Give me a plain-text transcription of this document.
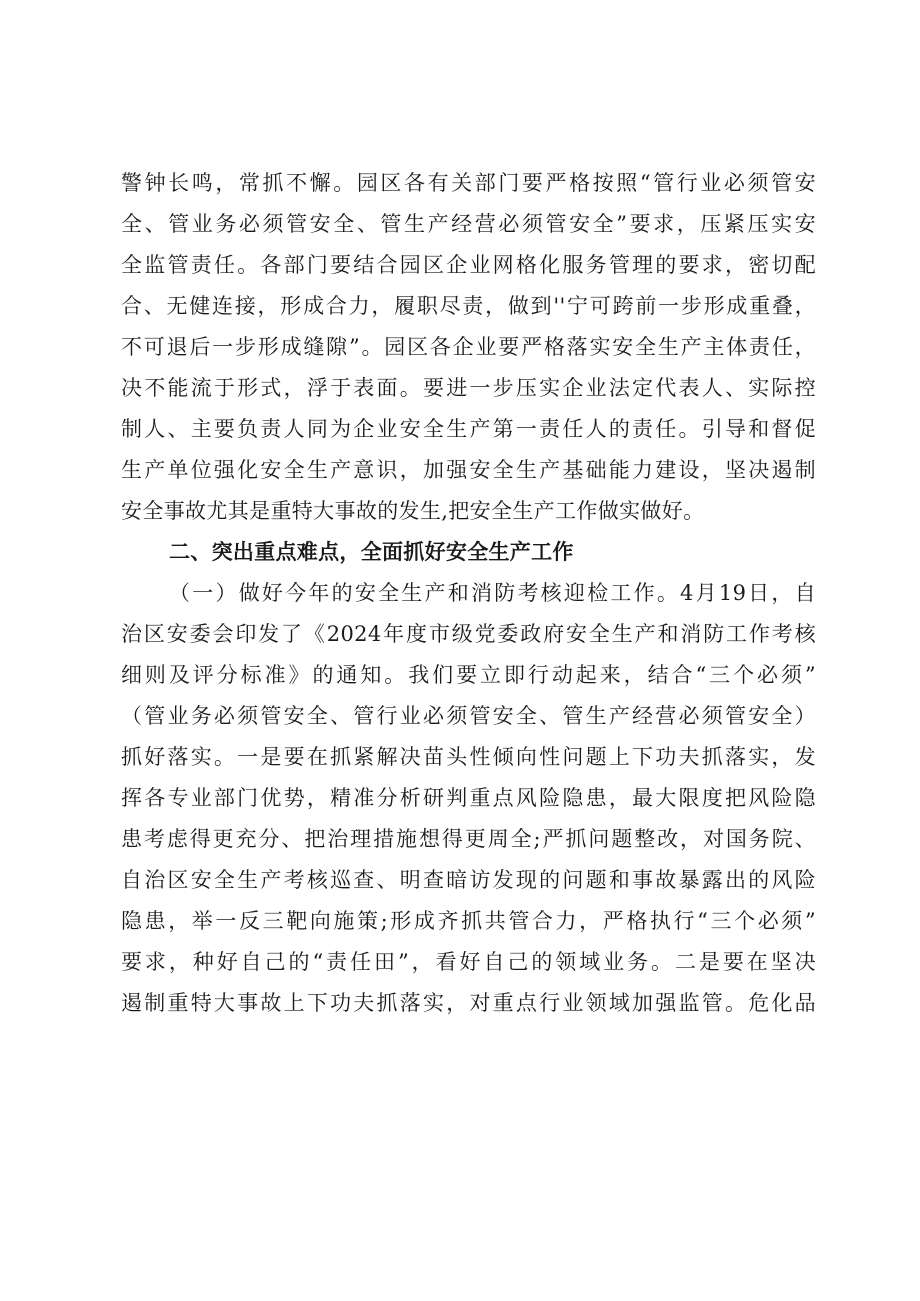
警钟长鸣，常抓不懈。园区各有关部门要严格按照“管行业必须管安
全、管业务必须管安全、管生产经营必须管安全”要求，压紧压实安
全监管责任。各部门要结合园区企业网格化服务管理的要求，密切配
合、无健连接，形成合力，履职尽责，做到''宁可跨前一步形成重叠，
不可退后一步形成缝隙”。园区各企业要严格落实安全生产主体责任，
决不能流于形式，浮于表面。要进一步压实企业法定代表人、实际控
制人、主要负责人同为企业安全生产第一责任人的责任。引导和督促
生产单位强化安全生产意识，加强安全生产基础能力建设，坚决遏制
安全事故尤其是重特大事故的发生,把安全生产工作做实做好。
二、突出重点难点，全面抓好安全生产工作
（一）做好今年的安全生产和消防考核迎检工作。4月19日，自
治区安委会印发了《2024年度市级党委政府安全生产和消防工作考核
细则及评分标准》的通知。我们要立即行动起来，结合“三个必须”
（管业务必须管安全、管行业必须管安全、管生产经营必须管安全）
抓好落实。一是要在抓紧解决苗头性倾向性问题上下功夫抓落实，发
挥各专业部门优势，精准分析研判重点风险隐患，最大限度把风险隐
患考虑得更充分、把治理措施想得更周全;严抓问题整改，对国务院、
自治区安全生产考核巡查、明查暗访发现的问题和事故暴露出的风险
隐患，举一反三靶向施策;形成齐抓共管合力，严格执行“三个必须”
要求，种好自己的“责任田”，看好自己的领域业务。二是要在坚决
遏制重特大事故上下功夫抓落实，对重点行业领域加强监管。危化品
